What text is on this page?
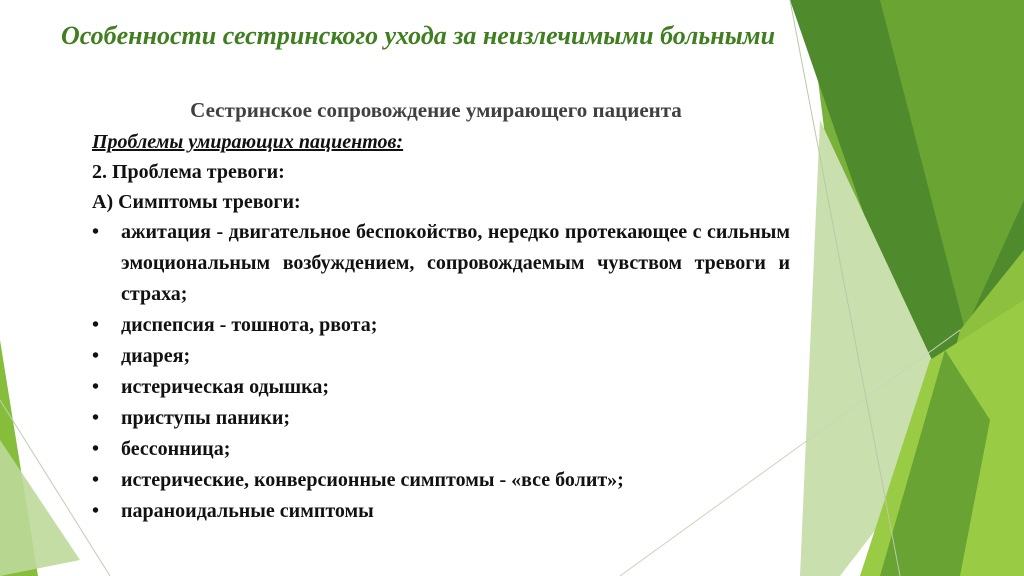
Особенности сестринского ухода за неизлечимыми больными
Сестринское сопровождение умирающего пациента
Проблемы умирающих пациентов:
2. Проблема тревоги:
А) Симптомы тревоги:
• ажитация - двигательное беспокойство, нередко протекающее с сильным эмоциональным возбуждением, сопровождаемым чувством тревоги и страха;
• диспепсия - тошнота, рвота;
• диарея;
• истерическая одышка;
• приступы паники;
• бессонница;
• истерические, конверсионные симптомы - «все болит»;
• параноидальные симптомы
